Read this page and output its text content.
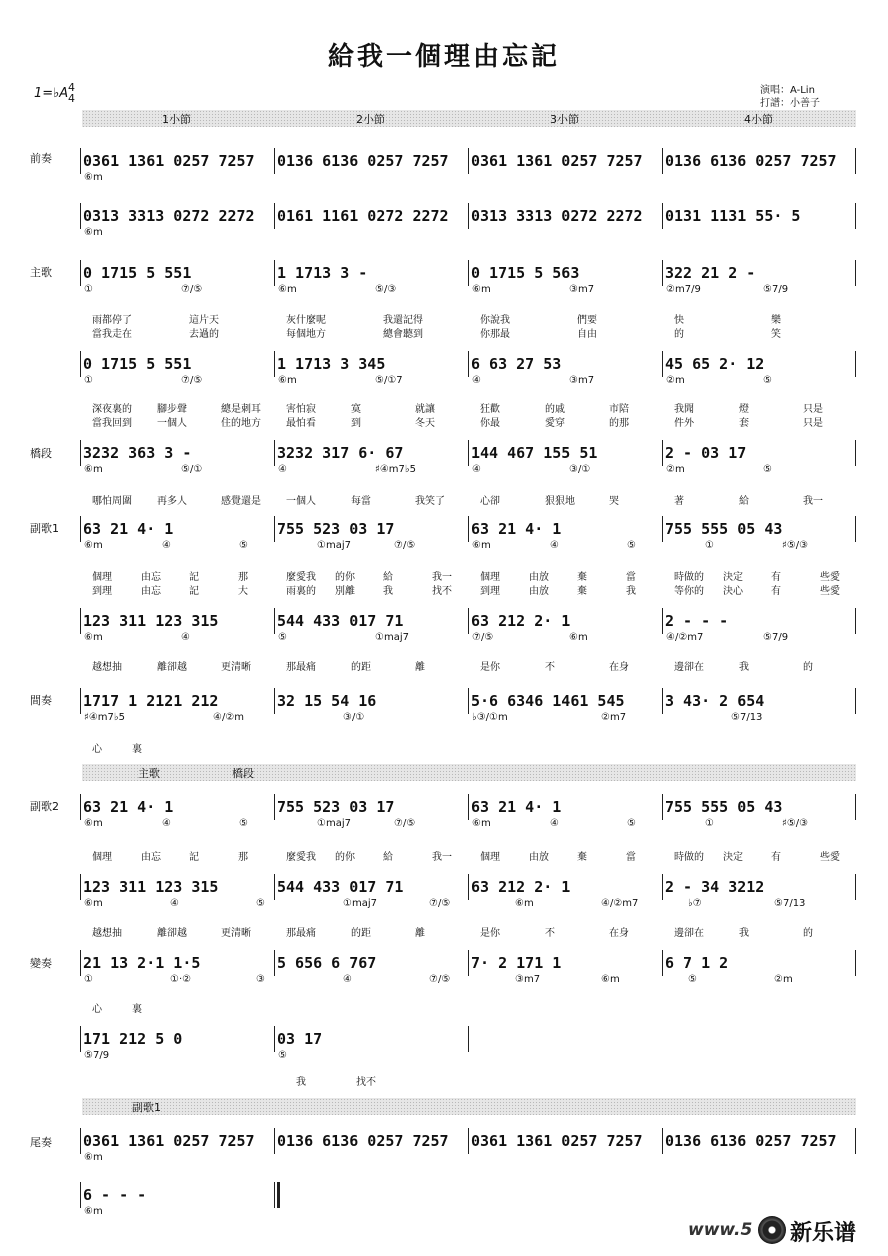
給我一個理由忘記
1=♭A 4
4
演唱：A-Lin
打譜：小善子
1小節	2小節	3小節	4小節
前奏
主歌
橋段
副歌1
間奏
副歌2
變奏
尾奏
主歌	橋段
副歌1
0361 1361 0257 7257	0136 6136 0257 7257	0361 1361 0257 7257	0136 6136 0257 7257
⑥m
0313 3313 0272 2272	0161 1161 0272 2272	0313 3313 0272 2272	0131 1131 55· 5
⑥m
0 1715 5 551	1 1713 3 -	0 1715 5 563	322 21 2 -
①	⑦/⑤	⑥m	⑤/③	⑥m	③m7	②m7/9	⑤7/9
雨都停了	這片天	灰什麼呢	我還記得	你說我	們要	快	樂
當我走在	去過的	每個地方	總會聽到	你那最	自由	的	笑
0 1715 5 551	1 1713 3 345	6 63 27 53	45 65 2· 12
①	⑦/⑤	⑥m	⑤/①7	④	③m7	②m	⑤
深夜裏的	腳步聲	總是刺耳	害怕寂	寞	就讓	狂歡	的戚	市陪	我聞	燈	只是
當我回到	一個人	住的地方	最怕看	到	冬天	你最	愛穿	的那	件外	套	只是
3232 363 3 -	3232 317 6· 67	144 467 155 51	2 - 03 17
⑥m	⑤/①	④	♯④m7♭5	④	③/①	②m	⑤
哪怕周圍	再多人	感覺還是	一個人	每當	我笑了	心卻	狠狠地	哭	著	給	我一
63 21 4· 1	755 523 03 17	63 21 4· 1	755 555 05 43
⑥m	④	⑤	①maj7	⑦/⑤	⑥m	④	⑤	①	♯⑤/③
個理	由忘	記	那	麼愛我 的你	給	我一	個理	由放	棄	當	時做的 決定	有	些愛
到理	由忘	記	大	雨裏的 別離	我	找不	到理	由放	棄	我	等你的 決心	有	些愛
123 311 123 315	544 433 017 71	63 212 2· 1	2 - - -
⑥m	④	⑤	①maj7	⑦/⑤	⑥m	④/②m7	⑤7/9
越想抽	離卻越	更清晰	那最痛	的距	離	是你	不	在身	邊卻在	我	的
1717 1 2121 212	32 15 54 16	5·6 6346 1461 545	3 43· 2 654
♯④m7♭5	④/②m	③/①	♭③/①m	②m7	⑤7/13
心	裏
63 21 4· 1	755 523 03 17	63 21 4· 1	755 555 05 43
⑥m	④	⑤	①maj7	⑦/⑤	⑥m	④	⑤	①	♯⑤/③
個理	由忘	記	那	麼愛我 的你	給	我一	個理	由放	棄	當	時做的 決定	有	些愛
123 311 123 315	544 433 017 71	63 212 2· 1	2 - 34 3212
⑥m	④	⑤	①maj7	⑦/⑤	⑥m	④/②m7	♭⑦	⑤7/13
越想抽	離卻越	更清晰	那最痛	的距	離	是你	不	在身	邊卻在	我	的
21 13 2·1 1·5	5 656 6 767	7· 2 171 1	6 7 1 2
①	①·②	③	④	⑦/⑤	③m7	⑥m	⑤	②m
心	裏
171 212 5 0	03 17
⑤7/9	⑤
我	找不
0361 1361 0257 7257	0136 6136 0257 7257	0361 1361 0257 7257	0136 6136 0257 7257
⑥m
6 - - -
⑥m
www.5 新乐谱
